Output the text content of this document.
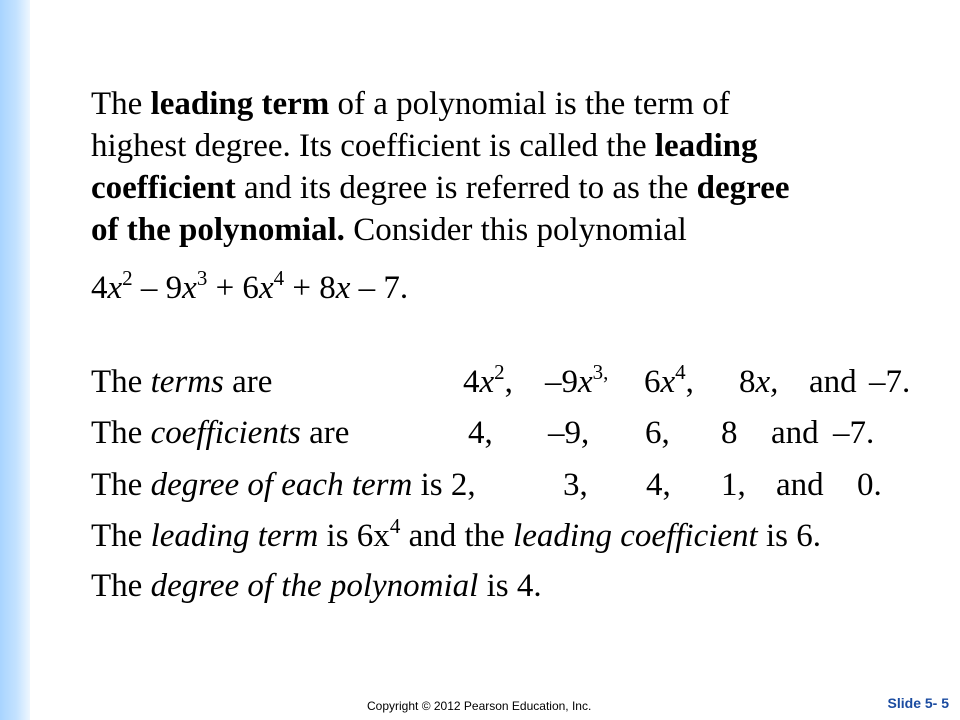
The leading term of a polynomial is the term of
highest degree. Its coefficient is called the leading
coefficient and its degree is referred to as the degree
of the polynomial. Consider this polynomial
$4x^2 - 9x^3 + 6x^4 + 8x - 7$.
The terms are	$4x^2$, $-9x^{3,}$ $6x^4$, 8x, and –7.
The coefficients are	4, –9, 6, 8 and –7.
The degree of each term is 2,	3, 4, 1, and 0.
The leading term is $6x^4$ and the leading coefficient is 6.
The degree of the polynomial is 4.
Copyright © 2012 Pearson Education, Inc.	Slide 5- 5
